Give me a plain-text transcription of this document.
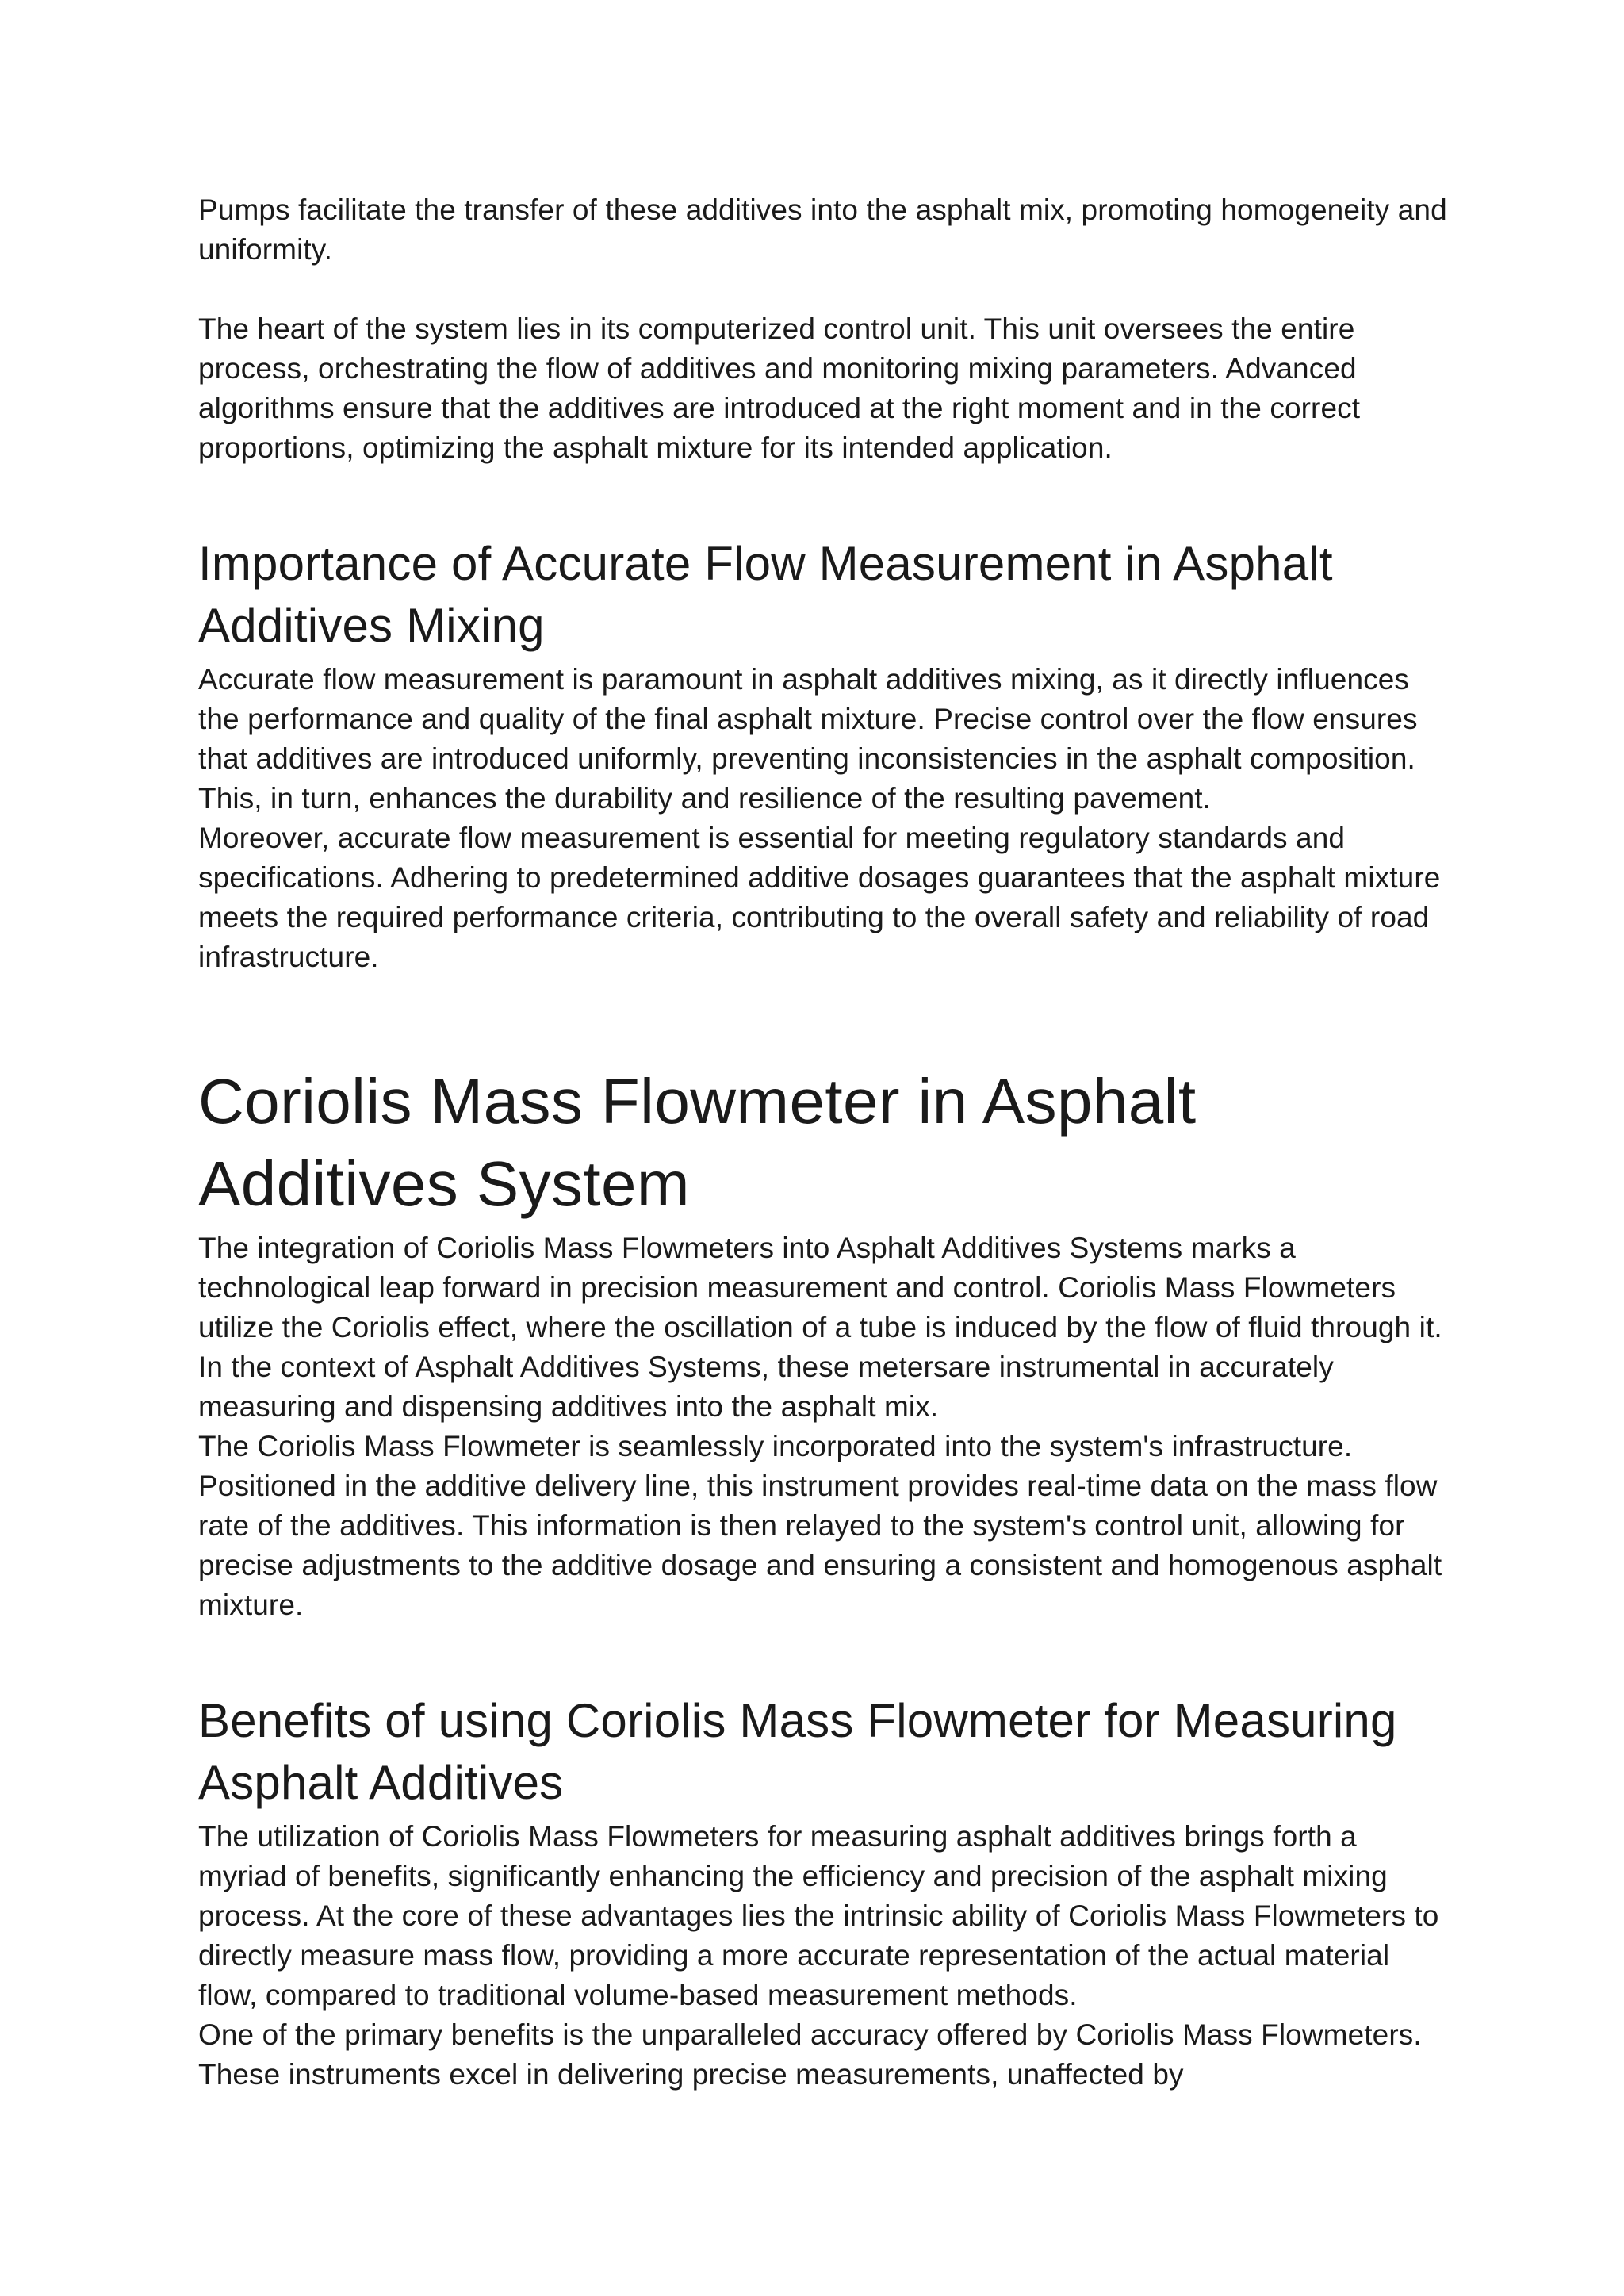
Pumps facilitate the transfer of these additives into the asphalt mix, promoting homogeneity and uniformity.

The heart of the system lies in its computerized control unit. This unit oversees the entire process, orchestrating the flow of additives and monitoring mixing parameters. Advanced algorithms ensure that the additives are introduced at the right moment and in the correct proportions, optimizing the asphalt mixture for its intended application.

Importance of Accurate Flow Measurement in Asphalt Additives Mixing

Accurate flow measurement is paramount in asphalt additives mixing, as it directly influences the performance and quality of the final asphalt mixture. Precise control over the flow ensures that additives are introduced uniformly, preventing inconsistencies in the asphalt composition. This, in turn, enhances the durability and resilience of the resulting pavement.

Moreover, accurate flow measurement is essential for meeting regulatory standards and specifications. Adhering to predetermined additive dosages guarantees that the asphalt mixture meets the required performance criteria, contributing to the overall safety and reliability of road infrastructure.

Coriolis Mass Flowmeter in Asphalt Additives System

The integration of Coriolis Mass Flowmeters into Asphalt Additives Systems marks a technological leap forward in precision measurement and control. Coriolis Mass Flowmeters utilize the Coriolis effect, where the oscillation of a tube is induced by the flow of fluid through it. In the context of Asphalt Additives Systems, these metersare instrumental in accurately measuring and dispensing additives into the asphalt mix.

The Coriolis Mass Flowmeter is seamlessly incorporated into the system's infrastructure. Positioned in the additive delivery line, this instrument provides real-time data on the mass flow rate of the additives. This information is then relayed to the system's control unit, allowing for precise adjustments to the additive dosage and ensuring a consistent and homogenous asphalt mixture.

Benefits of using Coriolis Mass Flowmeter for Measuring Asphalt Additives

The utilization of Coriolis Mass Flowmeters for measuring asphalt additives brings forth a myriad of benefits, significantly enhancing the efficiency and precision of the asphalt mixing process. At the core of these advantages lies the intrinsic ability of Coriolis Mass Flowmeters to directly measure mass flow, providing a more accurate representation of the actual material flow, compared to traditional volume-based measurement methods.

One of the primary benefits is the unparalleled accuracy offered by Coriolis Mass Flowmeters. These instruments excel in delivering precise measurements, unaffected by
